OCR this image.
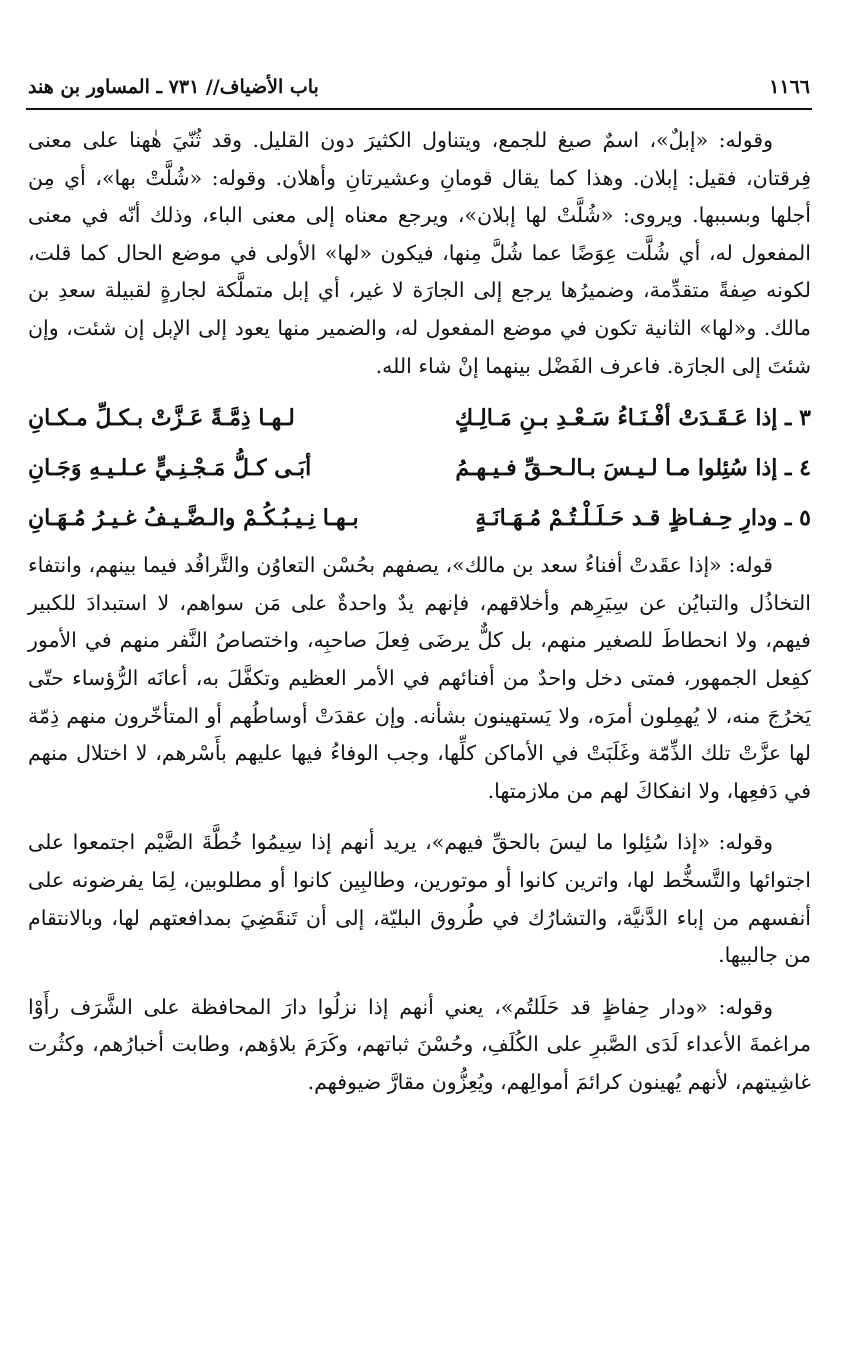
١١٦٦
باب الأضياف// ٧٣١ ـ المساور بن هند

وقوله: «إبلٌ»، اسمٌ صيغ للجمع، ويتناول الكثيرَ دون القليل. وقد ثُنّيَ هٰهنا على معنى فِرقتان، فقيل: إبلان. وهذا كما يقال قومانِ وعشيرتانِ وأهلان. وقوله: «شُلَّتْ بها»، أي مِن أجلها وبسببها. ويروى: «شُلَّتْ لها إبلان»، ويرجع معناه إلى معنى الباء، وذلك أنّه في معنى المفعول له، أي شُلَّت عِوَضًا عما شُلَّ مِنها، فيكون «لها» الأولى في موضع الحال كما قلت، لكونه صِفةً متقدِّمة، وضميرُها يرجع إلى الجارَة لا غير، أي إبل متملَّكة لجارةٍ لقبيلة سعدِ بن مالك. و«لها» الثانية تكون في موضع المفعول له، والضمير منها يعود إلى الإبل إن شئت، وإن شئتَ إلى الجارَة. فاعرف الفَضْل بينهما إنْ شاء الله.

٣ ـ إذا عَـقَـدَتْ أفْـنَـاءُ سَـعْـدِ بـنِ مَـالِـكٍ
لـهـا ذِمَّـةً عَـزَّتْ بـكـلِّ مـكـانِ
٤ ـ إذا سُئِلوا مـا لـيـسَ بـالـحـقِّ فـيـهـمُ
أبَـى كـلُّ مَـجْـنِـيٍّ عـلـيـهِ وَجَـانِ
٥ ـ ودارِ حِـفـاظٍ قـد حَـلَـلْـتُـمْ مُـهَـانَـةٍ
بـهـا نِـيـبُـكُـمْ والـضَّـيـفُ غـيـرُ مُـهَـانِ

قوله: «إذا عقَدتْ أفناءُ سعد بن مالك»، يصفهم بحُسْن التعاوُن والتَّرافُد فيما بينهم، وانتفاء التخاذُل والتبايُن عن سِيَرِهم وأخلاقهم، فإنهم يدٌ واحدةٌ على مَن سواهم، لا استبدادَ للكبير فيهم، ولا انحطاطَ للصغير منهم، بل كلٌّ يرضَى فِعلَ صاحبِه، واختصاصُ النَّفر منهم في الأمور كفِعل الجمهور، فمتى دخل واحدٌ من أفنائهم في الأمر العظيم وتكفَّلَ به، أعانَه الرُّؤساء حتّى يَخرُجَ منه، لا يُهمِلون أمرَه، ولا يَستهينون بشأنه. وإن عقدَتْ أوساطُهم أو المتأخّرون منهم ذِمّة لها عزَّتْ تلك الذِّمّة وغَلَبَتْ في الأماكن كلِّها، وجب الوفاءُ فيها عليهم بأَسْرهم، لا اختلال منهم في دَفعِها، ولا انفكاكَ لهم من ملازمتها.

وقوله: «إذا سُئِلوا ما ليسَ بالحقِّ فيهم»، يريد أنهم إذا سِيمُوا خُطَّةَ الضَّيْم اجتمعوا على اجتوائها والتَّسخُّط لها، واترين كانوا أو موتورين، وطالبِين كانوا أو مطلوبين، لِمَا يفرضونه على أنفسهم من إباء الدَّنيَّة، والتشارُك في طُروق البليّة، إلى أن تَنقَضِيَ بمدافعتهم لها، وبالانتقام من جالبيها.

وقوله: «ودار حِفاظٍ قد حَلَلتُم»، يعني أنهم إذا نزلُوا دارَ المحافظة على الشَّرَف رأَوْا مراغمةَ الأعداء لَدَى الصَّبرِ على الكُلَفِ، وحُسْنَ ثباتهم، وكَرَمَ بلاؤهم، وطابت أخبارُهم، وكثُرت غاشِيتهم، لأنهم يُهينون كرائمَ أموالِهم، ويُعِزُّون مقارَّ ضيوفهم.
